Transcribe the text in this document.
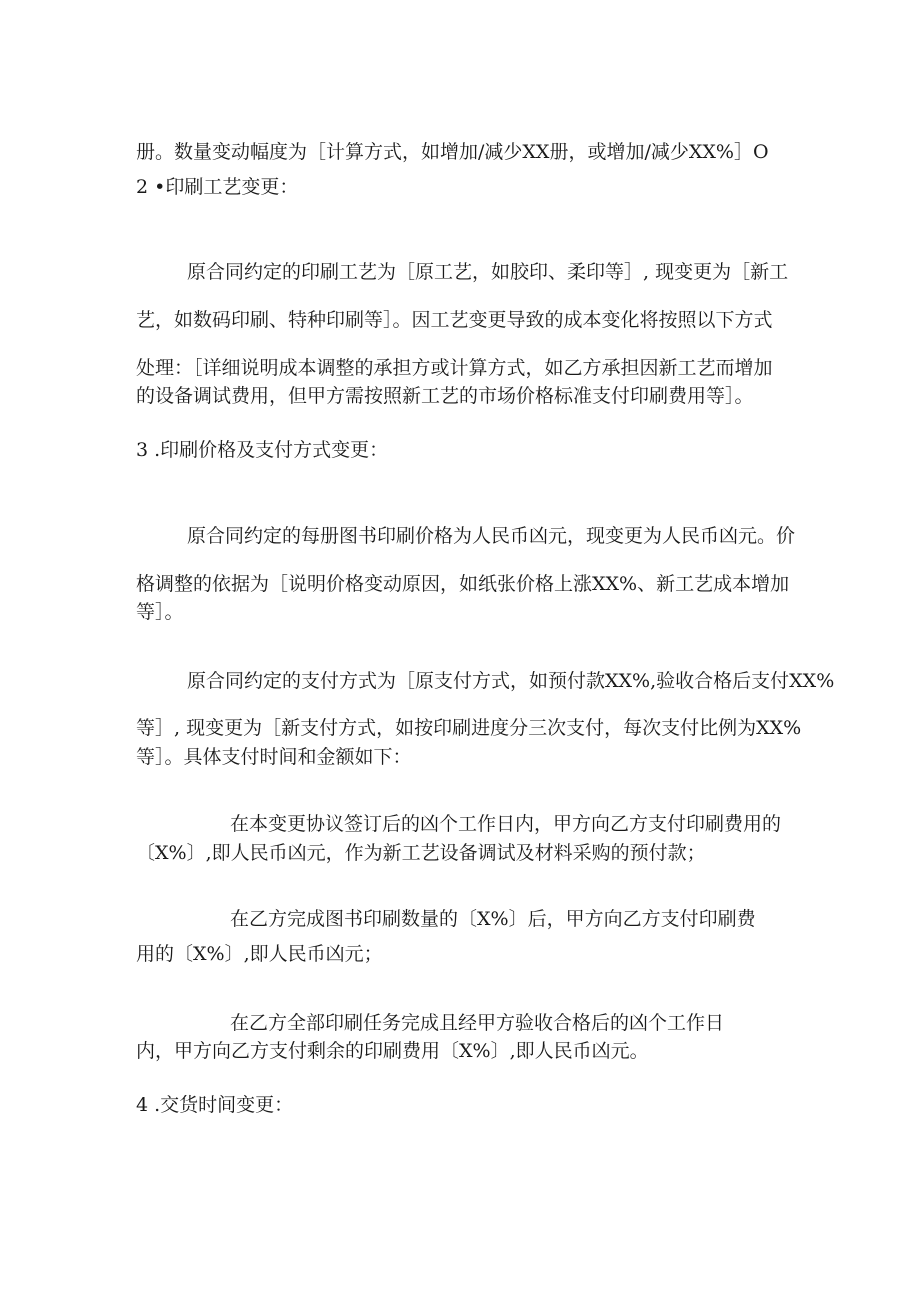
册。数量变动幅度为［计算方式，如增加/减少XX册，或增加/减少XX%］O

2 •印刷工艺变更：

原合同约定的印刷工艺为［原工艺，如胶印、柔印等］, 现变更为［新工

艺，如数码印刷、特种印刷等］。因工艺变更导致的成本变化将按照以下方式

处理：［详细说明成本调整的承担方或计算方式，如乙方承担因新工艺而增加

的设备调试费用，但甲方需按照新工艺的市场价格标准支付印刷费用等］。

3 .印刷价格及支付方式变更：

原合同约定的每册图书印刷价格为人民币凶元，现变更为人民币凶元。价

格调整的依据为［说明价格变动原因，如纸张价格上涨XX%、新工艺成本增加

等］。

原合同约定的支付方式为［原支付方式，如预付款XX%,验收合格后支付XX%

等］, 现变更为［新支付方式，如按印刷进度分三次支付，每次支付比例为XX%

等］。具体支付时间和金额如下：

在本变更协议签订后的凶个工作日内，甲方向乙方支付印刷费用的

〔X%〕,即人民币凶元，作为新工艺设备调试及材料采购的预付款；

在乙方完成图书印刷数量的〔X%〕后，甲方向乙方支付印刷费

用的〔X%〕,即人民币凶元；

在乙方全部印刷任务完成且经甲方验收合格后的凶个工作日

内，甲方向乙方支付剩余的印刷费用〔X%〕,即人民币凶元。

4 .交货时间变更：
